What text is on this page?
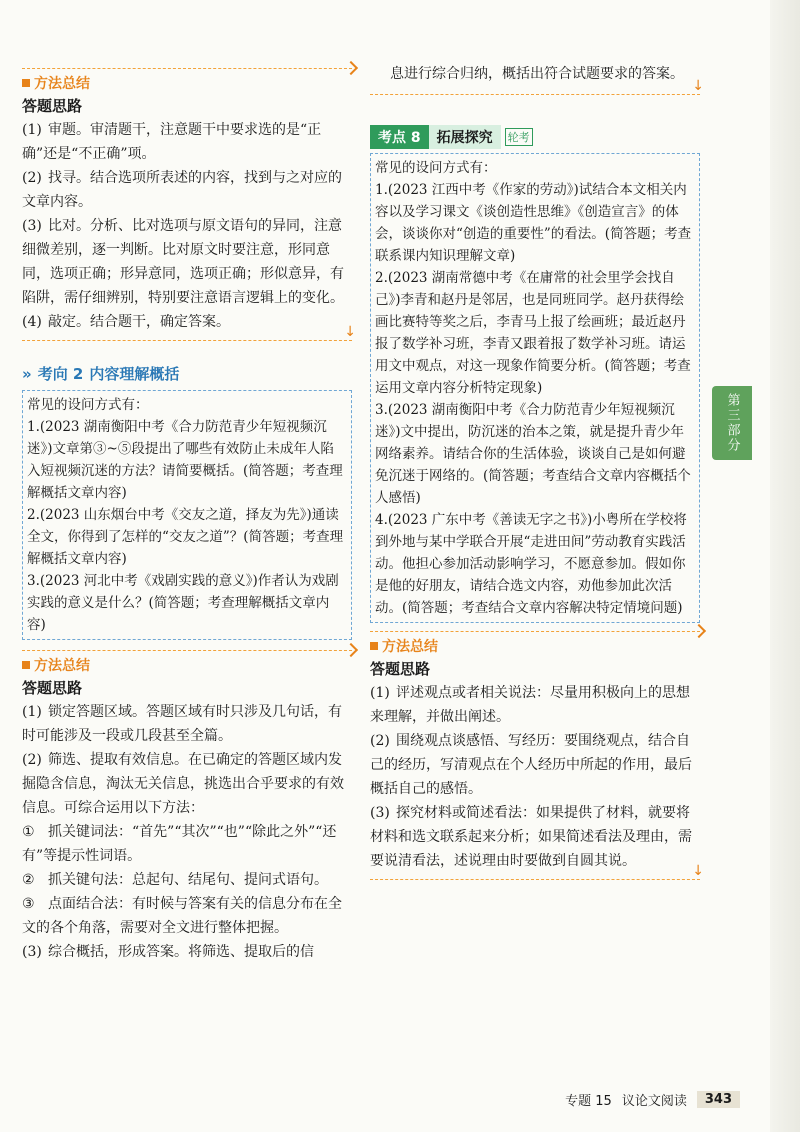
方法总结
答题思路

(1) 审题。审清题干，注意题干中要求选的是“正确”还是“不正确”项。

(2) 找寻。结合选项所表述的内容，找到与之对应的文章内容。

(3) 比对。分析、比对选项与原文语句的异同，注意细微差别，逐一判断。比对原文时要注意，形同意同，选项正确；形异意同，选项正确；形似意异，有陷阱，需仔细辨别，特别要注意语言逻辑上的变化。

(4) 敲定。结合题干，确定答案。

↓
» 考向 2 内容理解概括
常见的设问方式有：
1.(2023 湖南衡阳中考《合力防范青少年短视频沉迷》)文章第③~⑤段提出了哪些有效防止未成年人陷入短视频沉迷的方法？请简要概括。(简答题；考查理解概括文章内容)
2.(2023 山东烟台中考《交友之道，择友为先》)通读全文，你得到了怎样的“交友之道”？(简答题；考查理解概括文章内容)
3.(2023 河北中考《戏剧实践的意义》)作者认为戏剧实践的意义是什么？(简答题；考查理解概括文章内容)
方法总结
答题思路

(1) 锁定答题区域。答题区域有时只涉及几句话，有时可能涉及一段或几段甚至全篇。

(2) 筛选、提取有效信息。在已确定的答题区域内发掘隐含信息，淘汰无关信息，挑选出合乎要求的有效信息。可综合运用以下方法：

① 抓关键词法：“首先”“其次”“也”“除此之外”“还有”等提示性词语。

② 抓关键句法：总起句、结尾句、提问式语句。

③ 点面结合法：有时候与答案有关的信息分布在全文的各个角落，需要对全文进行整体把握。

(3) 综合概括，形成答案。将筛选、提取后的信

息进行综合归纳，概括出符合试题要求的答案。
↓
考点 8	拓展探究	轮考
常见的设问方式有：
1.(2023 江西中考《作家的劳动》)试结合本文相关内容以及学习课文《谈创造性思维》《创造宣言》的体会，谈谈你对“创造的重要性”的看法。(简答题；考查联系课内知识理解文章)
2.(2023 湖南常德中考《在庸常的社会里学会找自己》)李青和赵丹是邻居，也是同班同学。赵丹获得绘画比赛特等奖之后，李青马上报了绘画班；最近赵丹报了数学补习班，李青又跟着报了数学补习班。请运用文中观点，对这一现象作简要分析。(简答题；考查运用文章内容分析特定现象)
3.(2023 湖南衡阳中考《合力防范青少年短视频沉迷》)文中提出，防沉迷的治本之策，就是提升青少年网络素养。请结合你的生活体验，谈谈自己是如何避免沉迷于网络的。(简答题；考查结合文章内容概括个人感悟)
4.(2023 广东中考《善读无字之书》)小粤所在学校将到外地与某中学联合开展“走进田间”劳动教育实践活动。他担心参加活动影响学习，不愿意参加。假如你是他的好朋友，请结合选文内容，劝他参加此次活动。(简答题；考查结合文章内容解决特定情境问题)
方法总结
答题思路

(1) 评述观点或者相关说法：尽量用积极向上的思想来理解，并做出阐述。

(2) 围绕观点谈感悟、写经历：要围绕观点，结合自己的经历，写清观点在个人经历中所起的作用，最后概括自己的感悟。

(3) 探究材料或简述看法：如果提供了材料，就要将材料和选文联系起来分析；如果简述看法及理由，需要说清看法，述说理由时要做到自圆其说。

↓
第三部分
专题 15 议论文阅读	343
